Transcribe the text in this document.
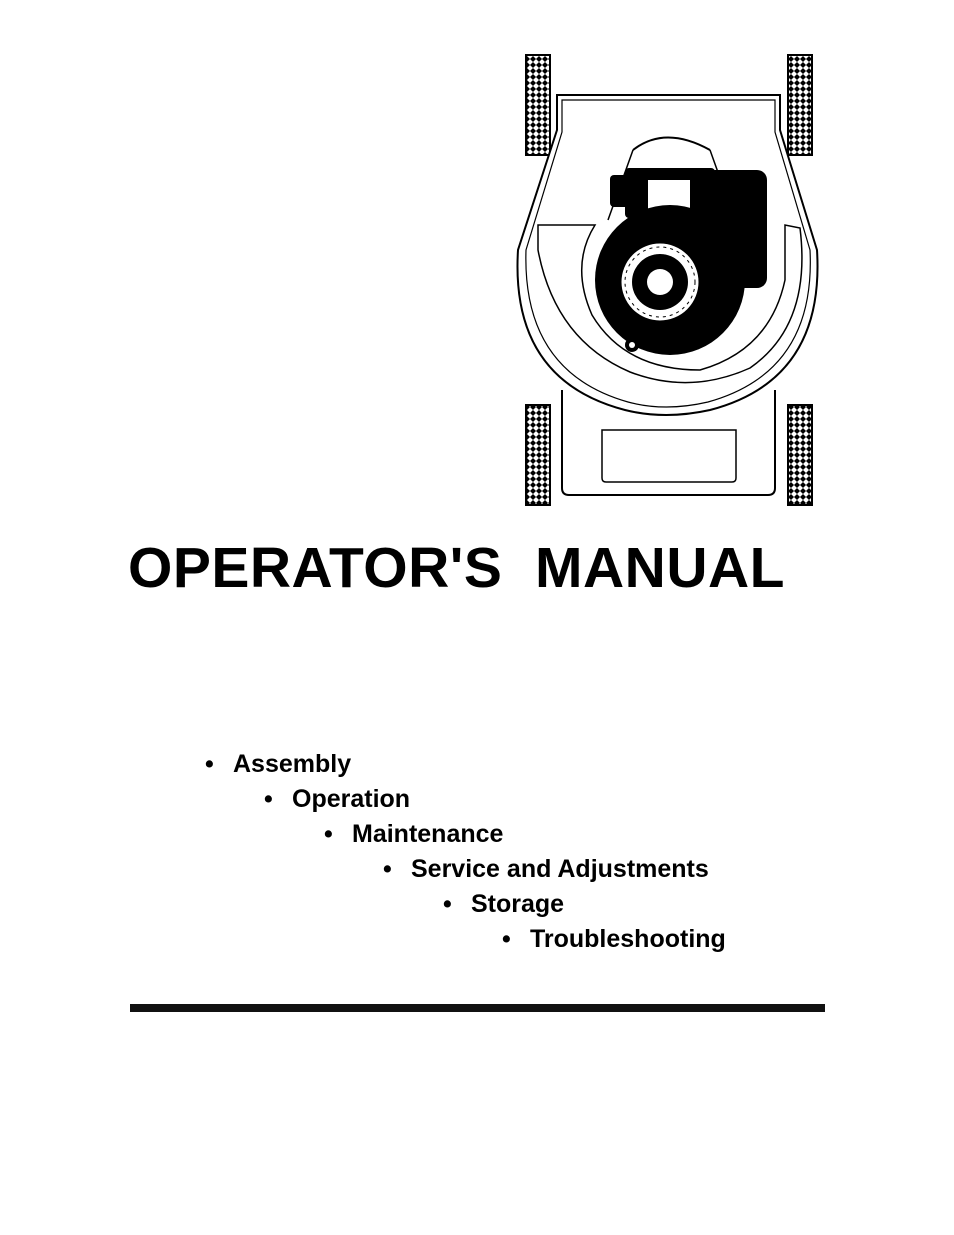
OPERATOR'S  MANUAL
• Assembly
• Operation
• Maintenance
• Service and Adjustments
• Storage
• Troubleshooting
